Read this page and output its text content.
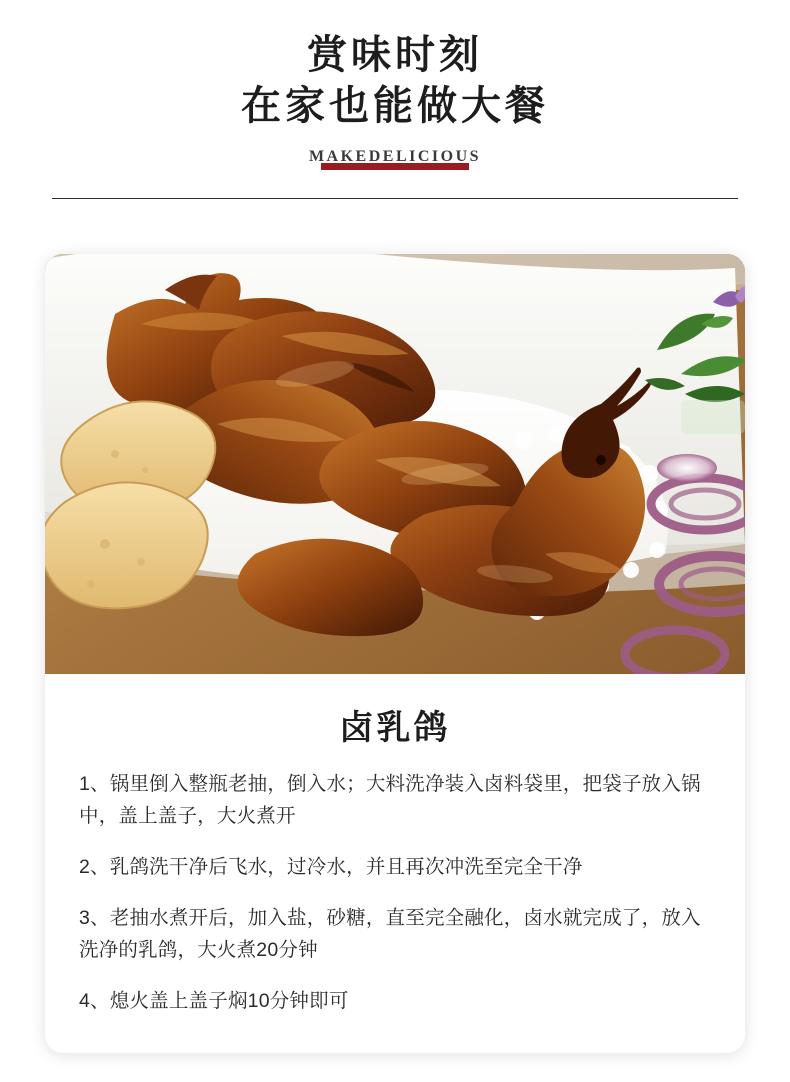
赏味时刻
在家也能做大餐
MAKEDELICIOUS
卤乳鸽

1、锅里倒入整瓶老抽，倒入水；大料洗净装入卤料袋里，把袋子放入锅中，盖上盖子，大火煮开

2、乳鸽洗干净后飞水，过冷水，并且再次冲洗至完全干净

3、老抽水煮开后，加入盐，砂糖，直至完全融化，卤水就完成了，放入洗净的乳鸽，大火煮20分钟

4、熄火盖上盖子焖10分钟即可
